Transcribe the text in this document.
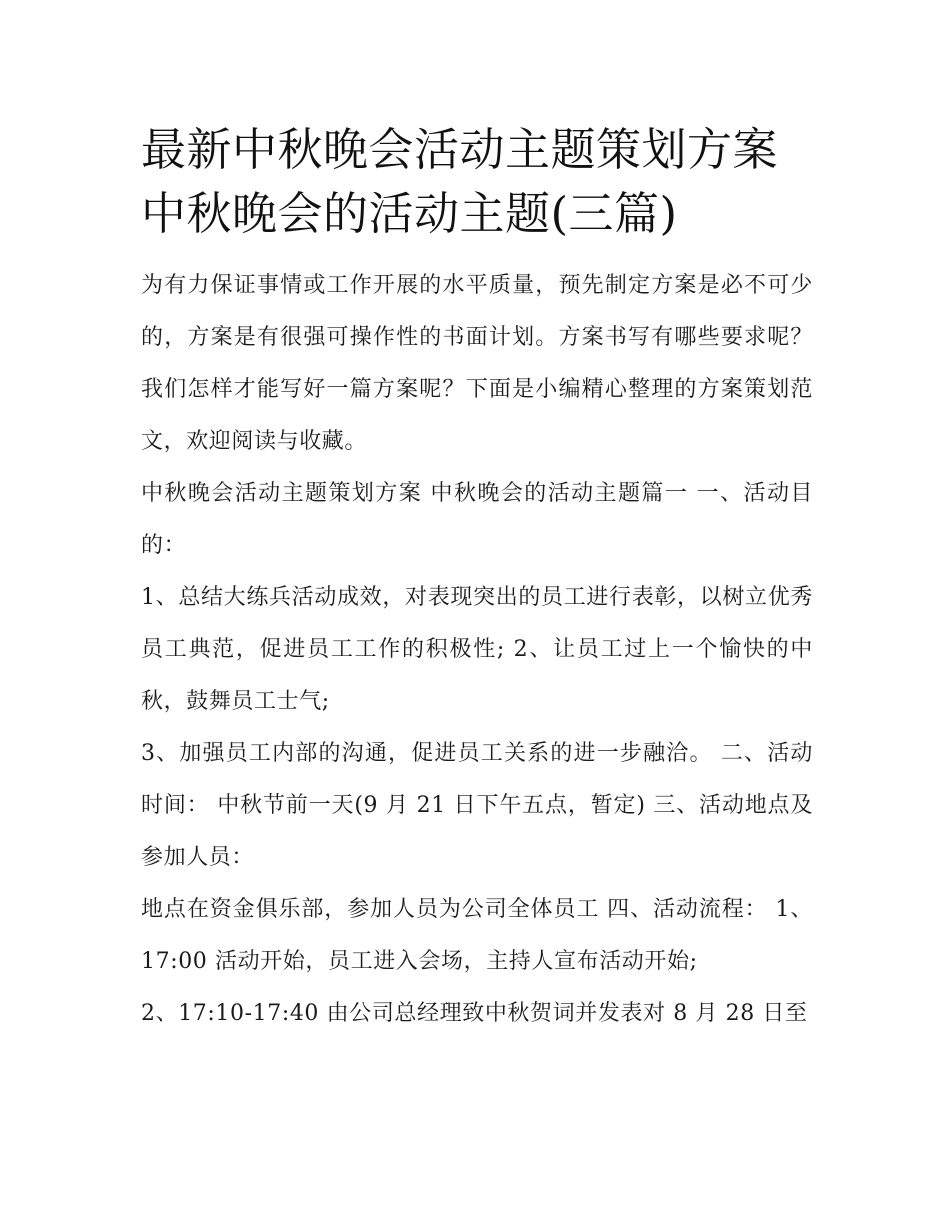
最新中秋晚会活动主题策划方案 中秋晚会的活动主题(三篇)

为有力保证事情或工作开展的水平质量，预先制定方案是必不可少的，方案是有很强可操作性的书面计划。方案书写有哪些要求呢？我们怎样才能写好一篇方案呢？下面是小编精心整理的方案策划范文，欢迎阅读与收藏。

中秋晚会活动主题策划方案 中秋晚会的活动主题篇一 一、活动目的：

1、总结大练兵活动成效，对表现突出的员工进行表彰，以树立优秀员工典范，促进员工工作的积极性; 2、让员工过上一个愉快的中秋，鼓舞员工士气;

3、加强员工内部的沟通，促进员工关系的进一步融洽。 二、活动时间： 中秋节前一天(9 月 21 日下午五点，暂定) 三、活动地点及参加人员：

地点在资金俱乐部，参加人员为公司全体员工 四、活动流程： 1、17:00 活动开始，员工进入会场，主持人宣布活动开始;

2、17:10-17:40 由公司总经理致中秋贺词并发表对 8 月 28 日至
